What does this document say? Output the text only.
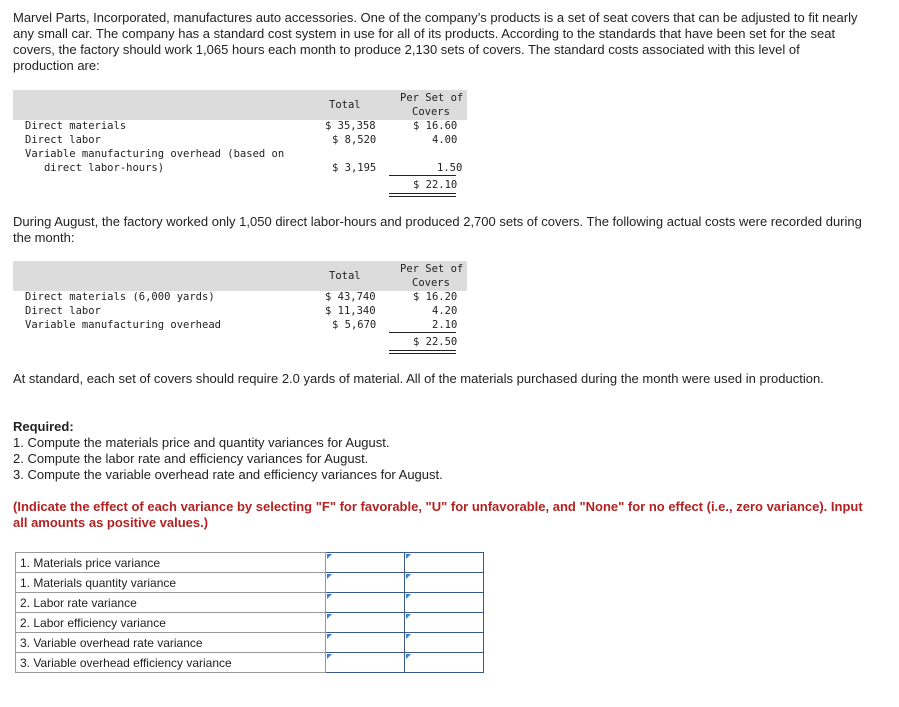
Marvel Parts, Incorporated, manufactures auto accessories. One of the company’s products is a set of seat covers that can be adjusted to fit nearly any small car. The company has a standard cost system in use for all of its products. According to the standards that have been set for the seat covers, the factory should work 1,065 hours each month to produce 2,130 sets of covers. The standard costs associated with this level of production are:
Total
Per Set of
Covers
Direct materials	$ 35,358	$ 16.60
Direct labor	$ 8,520	4.00
Variable manufacturing overhead (based on
direct labor-hours)	$ 3,195	1.50
$ 22.10
During August, the factory worked only 1,050 direct labor-hours and produced 2,700 sets of covers. The following actual costs were recorded during the month:
Total
Per Set of
Covers
Direct materials (6,000 yards)	$ 43,740	$ 16.20
Direct labor	$ 11,340	4.20
Variable manufacturing overhead	$ 5,670	2.10
$ 22.50
At standard, each set of covers should require 2.0 yards of material. All of the materials purchased during the month were used in production.
Required:
1. Compute the materials price and quantity variances for August.
2. Compute the labor rate and efficiency variances for August.
3. Compute the variable overhead rate and efficiency variances for August.
(Indicate the effect of each variance by selecting "F" for favorable, "U" for unfavorable, and "None" for no effect (i.e., zero variance). Input all amounts as positive values.)
1. Materials price variance	

1. Materials quantity variance	

2. Labor rate variance	

2. Labor efficiency variance	

3. Variable overhead rate variance	

3. Variable overhead efficiency variance	
